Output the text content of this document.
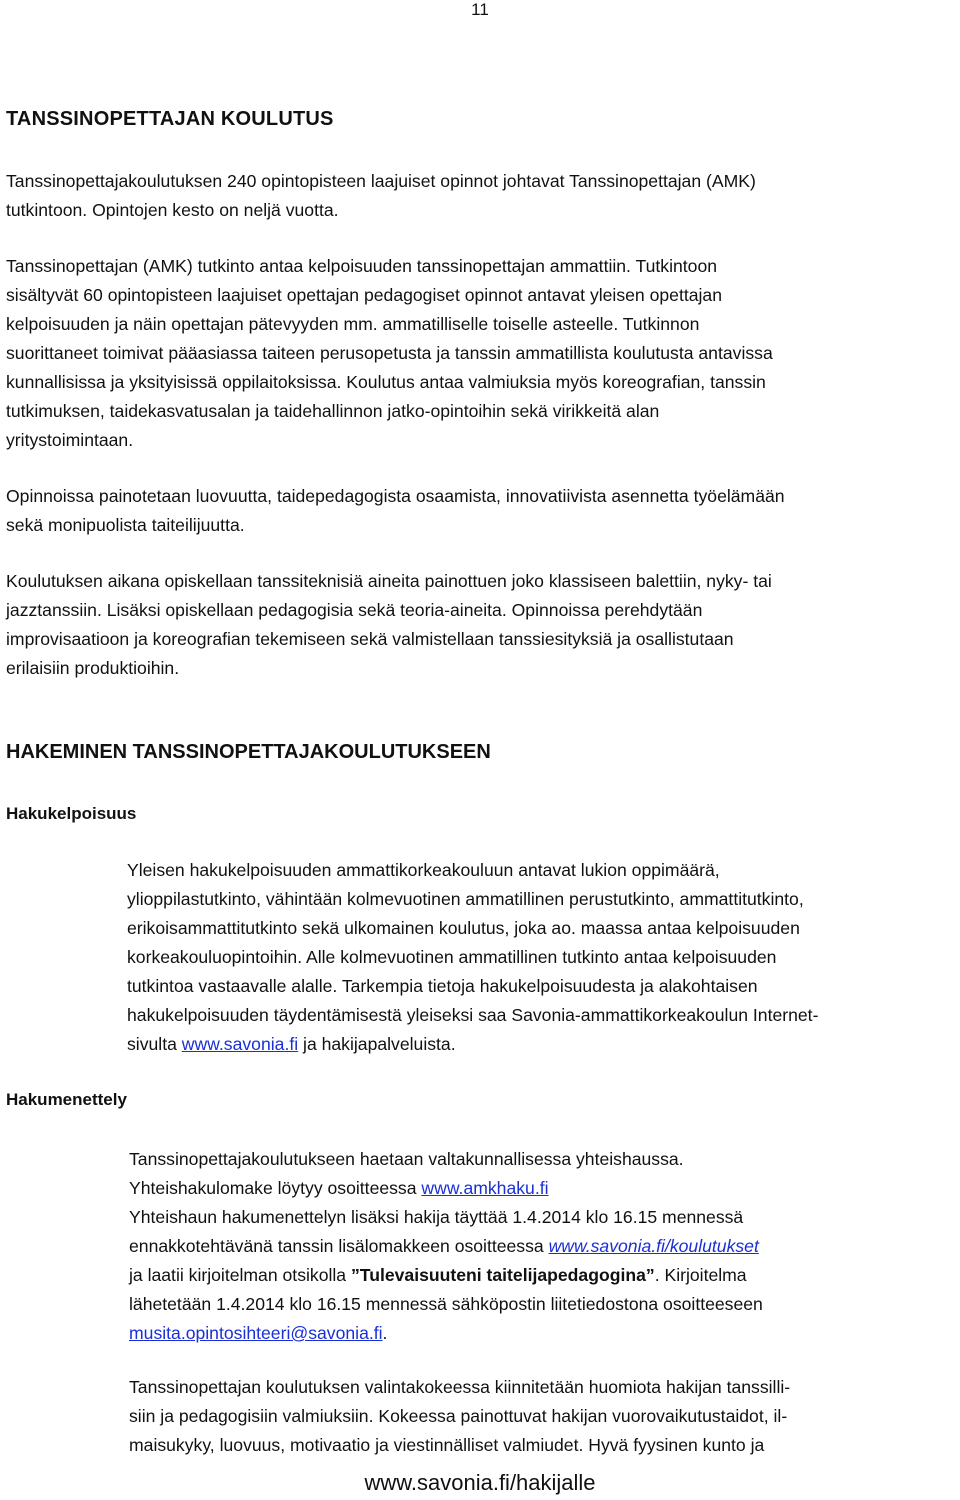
11
TANSSINOPETTAJAN KOULUTUS

Tanssinopettajakoulutuksen 240 opintopisteen laajuiset opinnot johtavat Tanssinopettajan (AMK)
tutkintoon. Opintojen kesto on neljä vuotta.

Tanssinopettajan (AMK) tutkinto antaa kelpoisuuden tanssinopettajan ammattiin. Tutkintoon
sisältyvät 60 opintopisteen laajuiset opettajan pedagogiset opinnot antavat yleisen opettajan
kelpoisuuden ja näin opettajan pätevyyden mm. ammatilliselle toiselle asteelle. Tutkinnon
suorittaneet toimivat pääasiassa taiteen perusopetusta ja tanssin ammatillista koulutusta antavissa
kunnallisissa ja yksityisissä oppilaitoksissa. Koulutus antaa valmiuksia myös koreografian, tanssin
tutkimuksen, taidekasvatusalan ja taidehallinnon jatko-opintoihin sekä virikkeitä alan
yritystoimintaan.

Opinnoissa painotetaan luovuutta, taidepedagogista osaamista, innovatiivista asennetta työelämään
sekä monipuolista taiteilijuutta.

Koulutuksen aikana opiskellaan tanssiteknisiä aineita painottuen joko klassiseen balettiin, nyky- tai
jazztanssiin. Lisäksi opiskellaan pedagogisia sekä teoria-aineita. Opinnoissa perehdytään
improvisaatioon ja koreografian tekemiseen sekä valmistellaan tanssiesityksiä ja osallistutaan
erilaisiin produktioihin.

HAKEMINEN TANSSINOPETTAJAKOULUTUKSEEN
Hakukelpoisuus

Yleisen hakukelpoisuuden ammattikorkeakouluun antavat lukion oppimäärä,
ylioppilastutkinto, vähintään kolmevuotinen ammatillinen perustutkinto, ammattitutkinto,
erikoisammattitutkinto sekä ulkomainen koulutus, joka ao. maassa antaa kelpoisuuden
korkeakouluopintoihin. Alle kolmevuotinen ammatillinen tutkinto antaa kelpoisuuden
tutkintoa vastaavalle alalle. Tarkempia tietoja hakukelpoisuudesta ja alakohtaisen
hakukelpoisuuden täydentämisestä yleiseksi saa Savonia-ammattikorkeakoulun Internet-
sivulta www.savonia.fi ja hakijapalveluista.

Hakumenettely

Tanssinopettajakoulutukseen haetaan valtakunnallisessa yhteishaussa.
Yhteishakulomake löytyy osoitteessa www.amkhaku.fi
Yhteishaun hakumenettelyn lisäksi hakija täyttää 1.4.2014 klo 16.15 mennessä
ennakkotehtävänä tanssin lisälomakkeen osoitteessa www.savonia.fi/koulutukset
ja laatii kirjoitelman otsikolla ”Tulevaisuuteni taitelijapedagogina”. Kirjoitelma
lähetetään 1.4.2014 klo 16.15 mennessä sähköpostin liitetiedostona osoitteeseen
musita.opintosihteeri@savonia.fi.

Tanssinopettajan koulutuksen valintakokeessa kiinnitetään huomiota hakijan tanssilli-
siin ja pedagogisiin valmiuksiin. Kokeessa painottuvat hakijan vuorovaikutustaidot, il-
maisukyky, luovuus, motivaatio ja viestinnälliset valmiudet. Hyvä fyysinen kunto ja

www.savonia.fi/hakijalle
